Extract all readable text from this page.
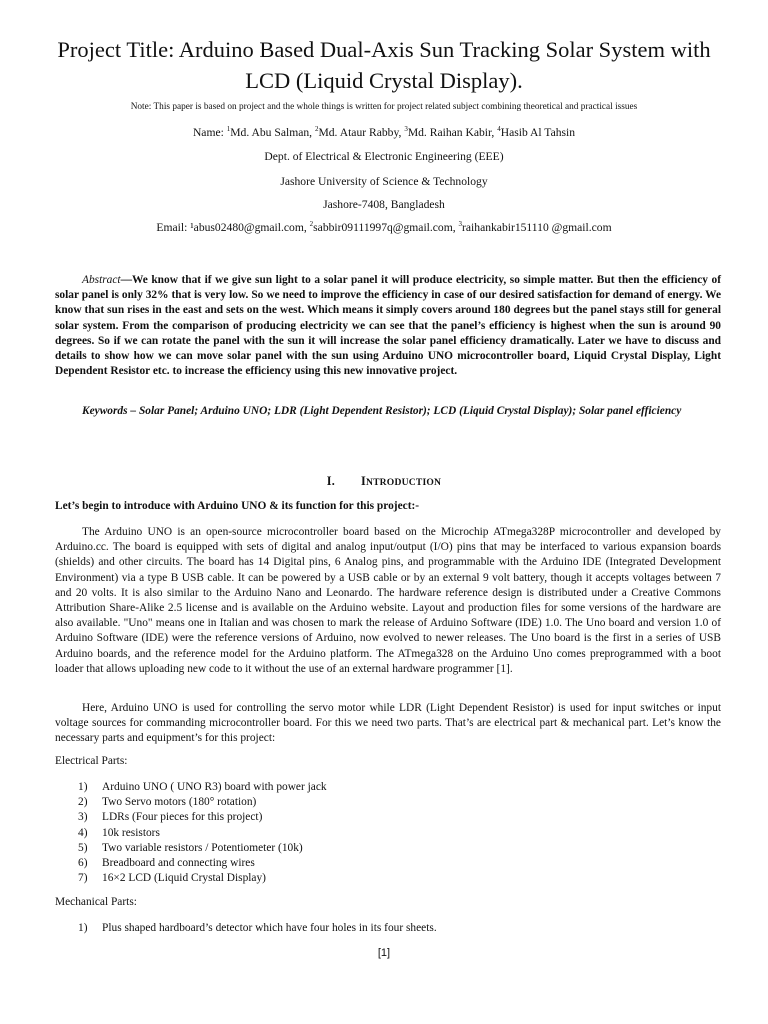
Project Title: Arduino Based Dual-Axis Sun Tracking Solar System with LCD (Liquid Crystal Display).

Note: This paper is based on project and the whole things is written for project related subject combining theoretical and practical issues

Name: $^1$Md. Abu Salman, $^2$Md. Ataur Rabby, $^3$Md. Raihan Kabir, $^4$Hasib Al Tahsin

Dept. of Electrical & Electronic Engineering (EEE)

Jashore University of Science & Technology

Jashore-7408, Bangladesh

Email: ¹abus02480@gmail.com, $^2$sabbir09111997q@gmail.com, $^3$raihankabir151110 @gmail.com

Abstract—We know that if we give sun light to a solar panel it will produce electricity, so simple matter. But then the efficiency of solar panel is only 32% that is very low. So we need to improve the efficiency in case of our desired satisfaction for demand of energy. We know that sun rises in the east and sets on the west. Which means it simply covers around 180 degrees but the panel stays still for general solar system. From the comparison of producing electricity we can see that the panel’s efficiency is highest when the sun is around 90 degrees. So if we can rotate the panel with the sun it will increase the solar panel efficiency dramatically. Later we have to discuss and details to show how we can move solar panel with the sun using Arduino UNO microcontroller board, Liquid Crystal Display, Light Dependent Resistor etc. to increase the efficiency using this new innovative project.

Keywords – Solar Panel; Arduino UNO; LDR (Light Dependent Resistor); LCD (Liquid Crystal Display); Solar panel efficiency

I. INTRODUCTION

Let’s begin to introduce with Arduino UNO & its function for this project:-

The Arduino UNO is an open-source microcontroller board based on the Microchip ATmega328P microcontroller and developed by Arduino.cc. The board is equipped with sets of digital and analog input/output (I/O) pins that may be interfaced to various expansion boards (shields) and other circuits. The board has 14 Digital pins, 6 Analog pins, and programmable with the Arduino IDE (Integrated Development Environment) via a type B USB cable. It can be powered by a USB cable or by an external 9 volt battery, though it accepts voltages between 7 and 20 volts. It is also similar to the Arduino Nano and Leonardo. The hardware reference design is distributed under a Creative Commons Attribution Share-Alike 2.5 license and is available on the Arduino website. Layout and production files for some versions of the hardware are also available. "Uno" means one in Italian and was chosen to mark the release of Arduino Software (IDE) 1.0. The Uno board and version 1.0 of Arduino Software (IDE) were the reference versions of Arduino, now evolved to newer releases. The Uno board is the first in a series of USB Arduino boards, and the reference model for the Arduino platform. The ATmega328 on the Arduino Uno comes preprogrammed with a boot loader that allows uploading new code to it without the use of an external hardware programmer [1].

Here, Arduino UNO is used for controlling the servo motor while LDR (Light Dependent Resistor) is used for input switches or input voltage sources for commanding microcontroller board. For this we need two parts. That’s are electrical part & mechanical part. Let’s know the necessary parts and equipment’s for this project:

Electrical Parts:

1)	Arduino UNO ( UNO R3) board with power jack
2)	Two Servo motors (180° rotation)
3)	LDRs (Four pieces for this project)
4)	10k resistors
5)	Two variable resistors / Potentiometer (10k)
6)	Breadboard and connecting wires
7)	16×2 LCD (Liquid Crystal Display)

Mechanical Parts:

1)	Plus shaped hardboard’s detector which have four holes in its four sheets.

[1]
